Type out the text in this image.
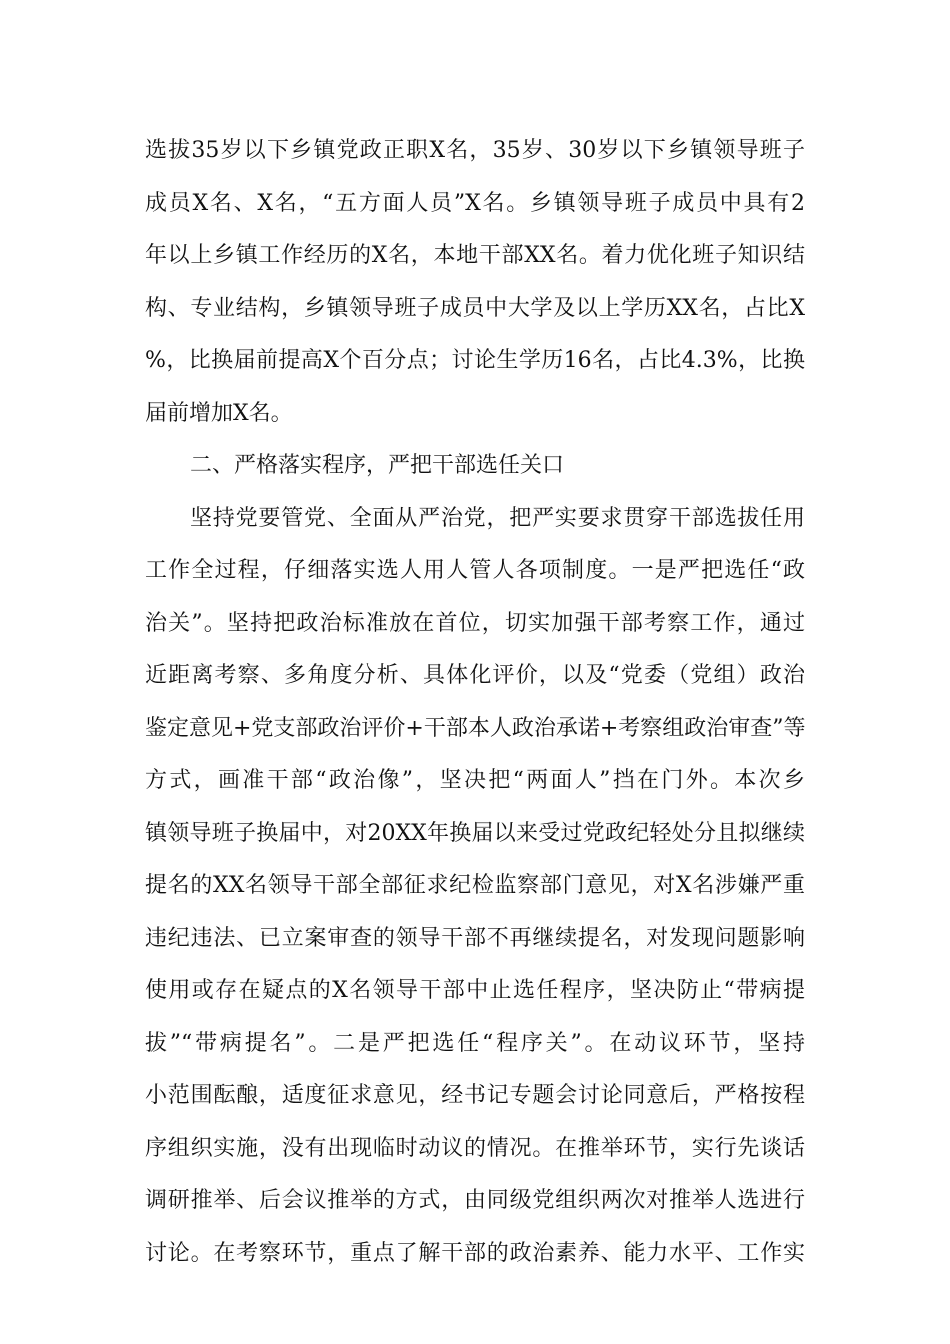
选拔35岁以下乡镇党政正职X名，35岁、30岁以下乡镇领导班子
成员X名、X名，“五方面人员”X名。乡镇领导班子成员中具有2
年以上乡镇工作经历的X名，本地干部XX名。着力优化班子知识结
构、专业结构，乡镇领导班子成员中大学及以上学历XX名，占比X
%，比换届前提高X个百分点；讨论生学历16名，占比4.3%，比换
届前增加X名。
二、严格落实程序，严把干部选任关口
坚持党要管党、全面从严治党，把严实要求贯穿干部选拔任用
工作全过程，仔细落实选人用人管人各项制度。一是严把选任“政
治关”。坚持把政治标准放在首位，切实加强干部考察工作，通过
近距离考察、多角度分析、具体化评价，以及“党委（党组）政治
鉴定意见+党支部政治评价+干部本人政治承诺+考察组政治审查”等
方式，画准干部“政治像”，坚决把“两面人”挡在门外。本次乡
镇领导班子换届中，对20XX年换届以来受过党政纪轻处分且拟继续
提名的XX名领导干部全部征求纪检监察部门意见，对X名涉嫌严重
违纪违法、已立案审查的领导干部不再继续提名，对发现问题影响
使用或存在疑点的X名领导干部中止选任程序，坚决防止“带病提
拔”“带病提名”。二是严把选任“程序关”。在动议环节，坚持
小范围酝酿，适度征求意见，经书记专题会讨论同意后，严格按程
序组织实施，没有出现临时动议的情况。在推举环节，实行先谈话
调研推举、后会议推举的方式，由同级党组织两次对推举人选进行
讨论。在考察环节，重点了解干部的政治素养、能力水平、工作实
